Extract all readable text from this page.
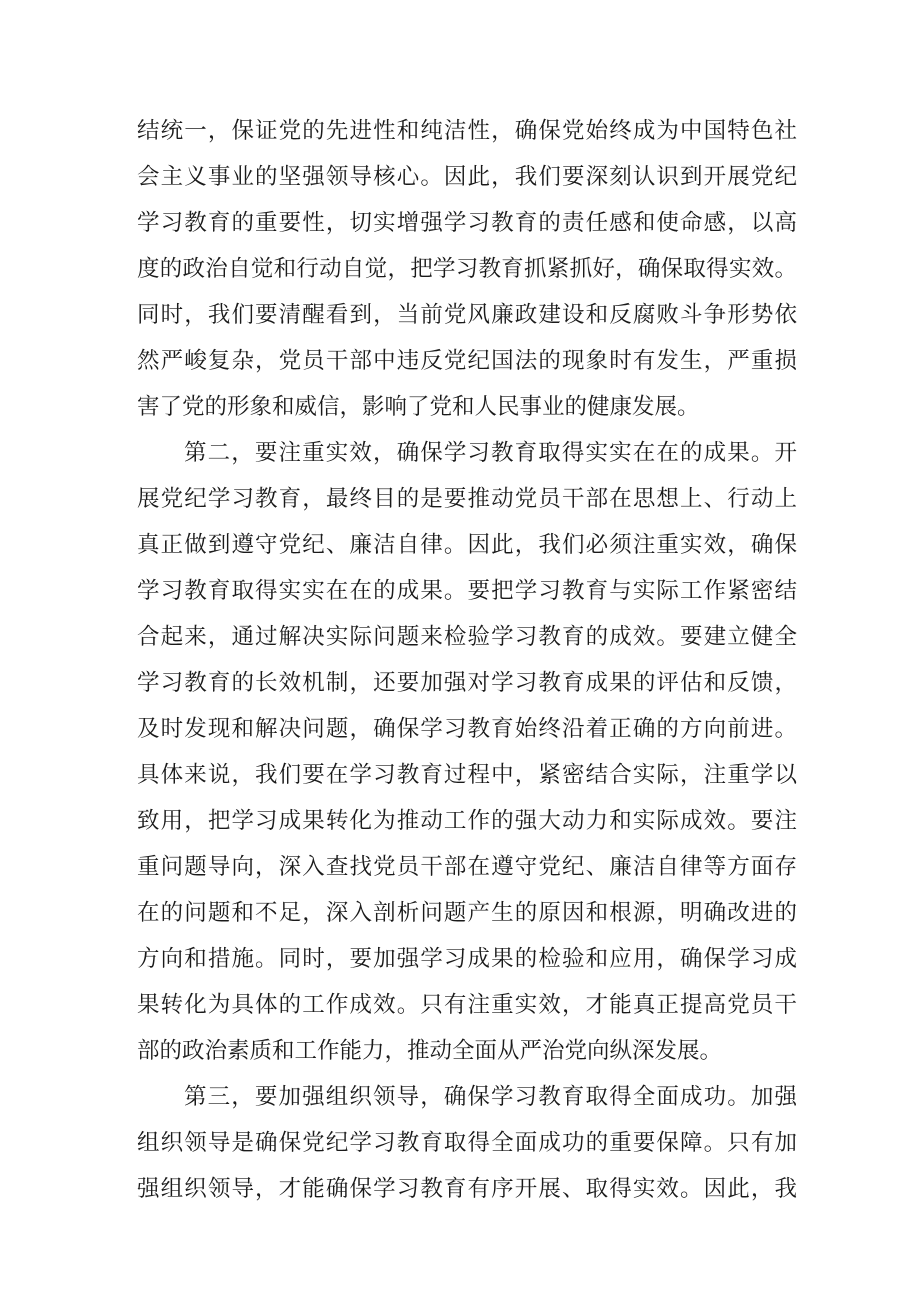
结统一，保证党的先进性和纯洁性，确保党始终成为中国特色社
会主义事业的坚强领导核心。因此，我们要深刻认识到开展党纪
学习教育的重要性，切实增强学习教育的责任感和使命感，以高
度的政治自觉和行动自觉，把学习教育抓紧抓好，确保取得实效。
同时，我们要清醒看到，当前党风廉政建设和反腐败斗争形势依
然严峻复杂，党员干部中违反党纪国法的现象时有发生，严重损
害了党的形象和威信，影响了党和人民事业的健康发展。
第二，要注重实效，确保学习教育取得实实在在的成果。开
展党纪学习教育，最终目的是要推动党员干部在思想上、行动上
真正做到遵守党纪、廉洁自律。因此，我们必须注重实效，确保
学习教育取得实实在在的成果。要把学习教育与实际工作紧密结
合起来，通过解决实际问题来检验学习教育的成效。要建立健全
学习教育的长效机制，还要加强对学习教育成果的评估和反馈，
及时发现和解决问题，确保学习教育始终沿着正确的方向前进。
具体来说，我们要在学习教育过程中，紧密结合实际，注重学以
致用，把学习成果转化为推动工作的强大动力和实际成效。要注
重问题导向，深入查找党员干部在遵守党纪、廉洁自律等方面存
在的问题和不足，深入剖析问题产生的原因和根源，明确改进的
方向和措施。同时，要加强学习成果的检验和应用，确保学习成
果转化为具体的工作成效。只有注重实效，才能真正提高党员干
部的政治素质和工作能力，推动全面从严治党向纵深发展。
第三，要加强组织领导，确保学习教育取得全面成功。加强
组织领导是确保党纪学习教育取得全面成功的重要保障。只有加
强组织领导，才能确保学习教育有序开展、取得实效。因此，我
